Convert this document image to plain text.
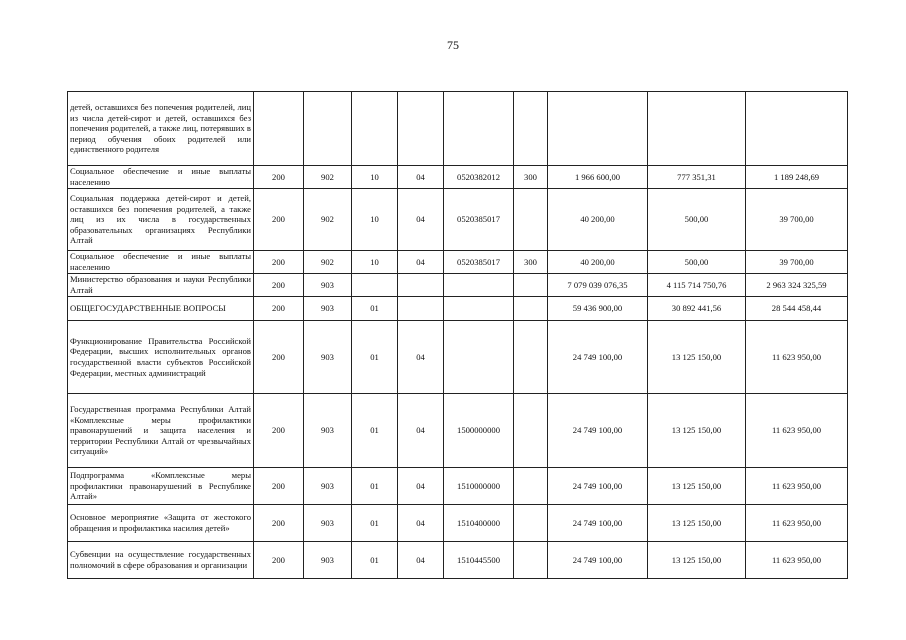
75
детей, оставшихся без попечения родителей, лиц из числа детей-сирот и детей, оставшихся без попечения родителей, а также лиц, потерявших в период обучения обоих родителей или единственного родителя									
Социальное обеспечение и иные выплаты населению	200	902	10	04	0520382012	300	1 966 600,00	777 351,31	1 189 248,69
Социальная поддержка детей-сирот и детей, оставшихся без попечения родителей, а также лиц из их числа в государственных образовательных организациях Республики Алтай	200	902	10	04	0520385017		40 200,00	500,00	39 700,00
Социальное обеспечение и иные выплаты населению	200	902	10	04	0520385017	300	40 200,00	500,00	39 700,00
Министерство образования и науки Республики Алтай	200	903					7 079 039 076,35	4 115 714 750,76	2 963 324 325,59
ОБЩЕГОСУДАРСТВЕННЫЕ ВОПРОСЫ	200	903	01				59 436 900,00	30 892 441,56	28 544 458,44
Функционирование Правительства Российской Федерации, высших исполнительных органов государственной власти субъектов Российской Федерации, местных администраций	200	903	01	04			24 749 100,00	13 125 150,00	11 623 950,00
Государственная программа Республики Алтай «Комплексные меры профилактики правонарушений и защита населения и территории Республики Алтай от чрезвычайных ситуаций»	200	903	01	04	1500000000		24 749 100,00	13 125 150,00	11 623 950,00
Подпрограмма «Комплексные меры профилактики правонарушений в Республике Алтай»	200	903	01	04	1510000000		24 749 100,00	13 125 150,00	11 623 950,00
Основное мероприятие «Защита от жестокого обращения и профилактика насилия детей»	200	903	01	04	1510400000		24 749 100,00	13 125 150,00	11 623 950,00
Субвенции на осуществление государственных полномочий в сфере образования и организации	200	903	01	04	1510445500		24 749 100,00	13 125 150,00	11 623 950,00
